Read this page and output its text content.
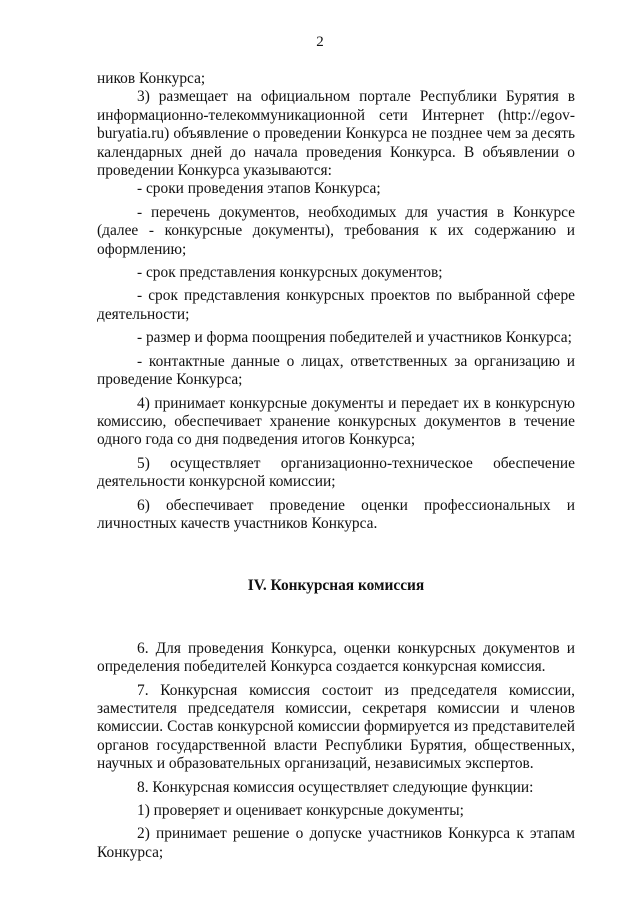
2

ников Конкурса;

3) размещает на официальном портале Республики Бурятия в информационно-телекоммуникационной сети Интернет (http://egov-buryatia.ru) объявление о проведении Конкурса не позднее чем за десять календарных дней до начала проведения Конкурса. В объявлении о проведении Конкурса указываются:

- сроки проведения этапов Конкурса;

- перечень документов, необходимых для участия в Конкурсе (далее - конкурсные документы), требования к их содержанию и оформлению;

- срок представления конкурсных документов;

- срок представления конкурсных проектов по выбранной сфере деятельности;

- размер и форма поощрения победителей и участников Конкурса;

- контактные данные о лицах, ответственных за организацию и проведение Конкурса;

4) принимает конкурсные документы и передает их в конкурсную комиссию, обеспечивает хранение конкурсных документов в течение одного года со дня подведения итогов Конкурса;

5) осуществляет организационно-техническое обеспечение деятельности конкурсной комиссии;

6) обеспечивает проведение оценки профессиональных и личностных качеств участников Конкурса.

IV. Конкурсная комиссия

6. Для проведения Конкурса, оценки конкурсных документов и определения победителей Конкурса создается конкурсная комиссия.

7. Конкурсная комиссия состоит из председателя комиссии, заместителя председателя комиссии, секретаря комиссии и членов комиссии. Состав конкурсной комиссии формируется из представителей органов государственной власти Республики Бурятия, общественных, научных и образовательных организаций, независимых экспертов.

8. Конкурсная комиссия осуществляет следующие функции:

1) проверяет и оценивает конкурсные документы;

2) принимает решение о допуске участников Конкурса к этапам Конкурса;
